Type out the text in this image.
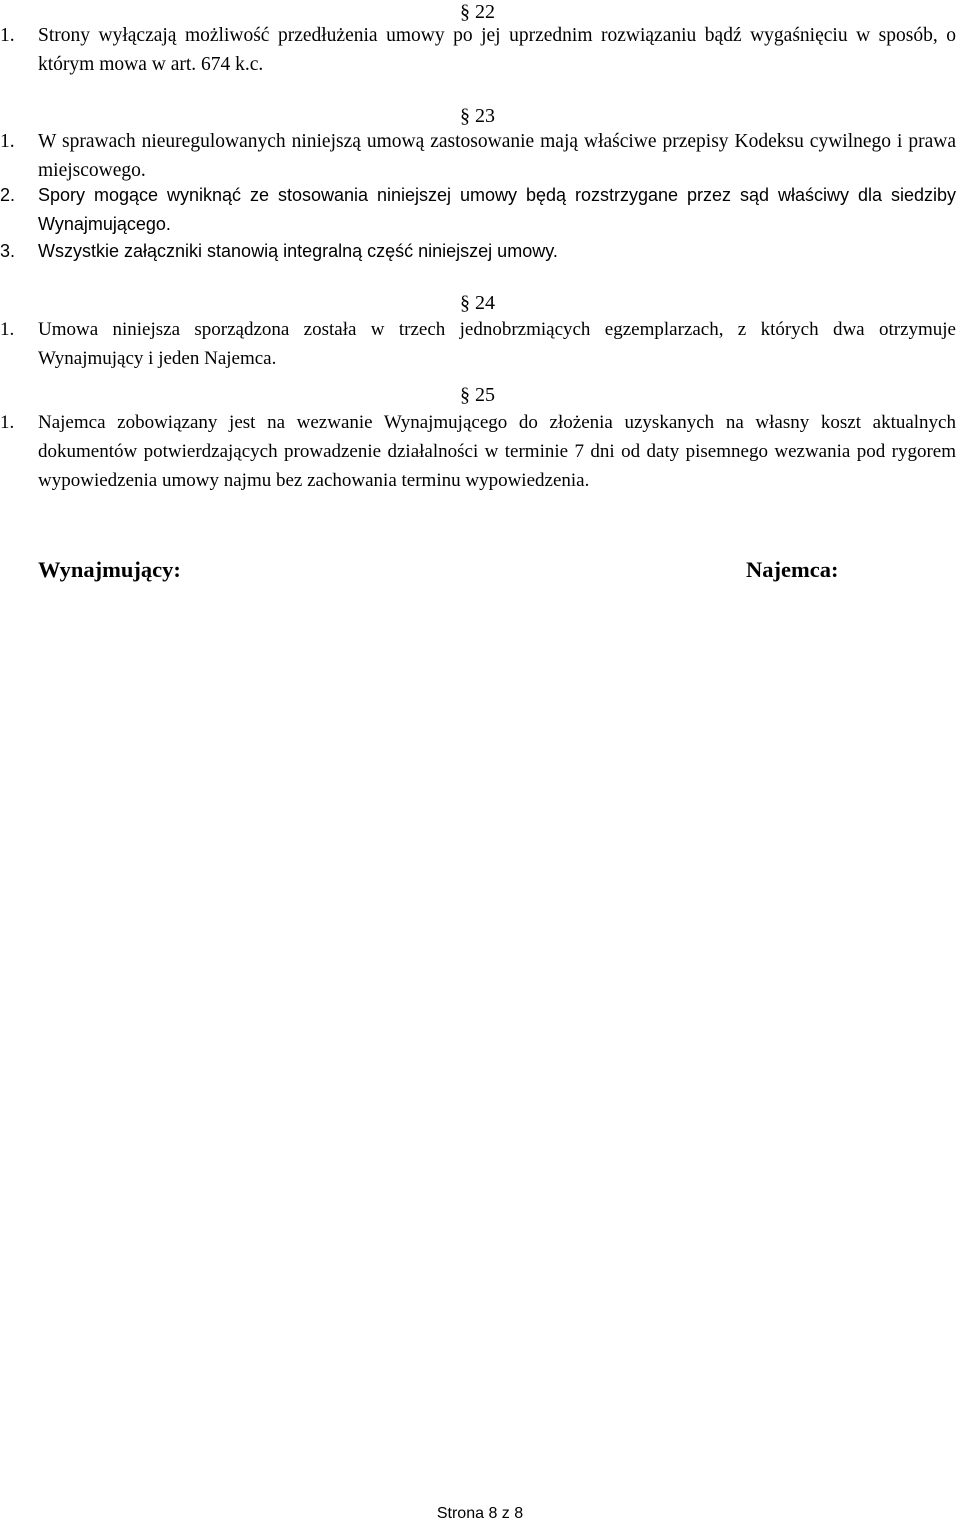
§ 22
1. Strony wyłączają możliwość przedłużenia umowy po jej uprzednim rozwiązaniu bądź wygaśnięciu w sposób, o którym mowa w art. 674 k.c.
§ 23
1. W sprawach nieuregulowanych niniejszą umową zastosowanie mają właściwe przepisy Kodeksu cywilnego i prawa miejscowego.
2. Spory mogące wyniknąć ze stosowania niniejszej umowy będą rozstrzygane przez sąd właściwy dla siedziby Wynajmującego.
3. Wszystkie załączniki stanowią integralną część niniejszej umowy.
§ 24
1. Umowa niniejsza sporządzona została w trzech jednobrzmiących egzemplarzach, z których dwa otrzymuje Wynajmujący i jeden Najemca.
§ 25
1. Najemca zobowiązany jest na wezwanie Wynajmującego do złożenia uzyskanych na własny koszt aktualnych dokumentów potwierdzających prowadzenie działalności w terminie 7 dni od daty pisemnego wezwania pod rygorem wypowiedzenia umowy najmu bez zachowania terminu wypowiedzenia.
Wynajmujący:	Najemca:
Strona 8 z 8
